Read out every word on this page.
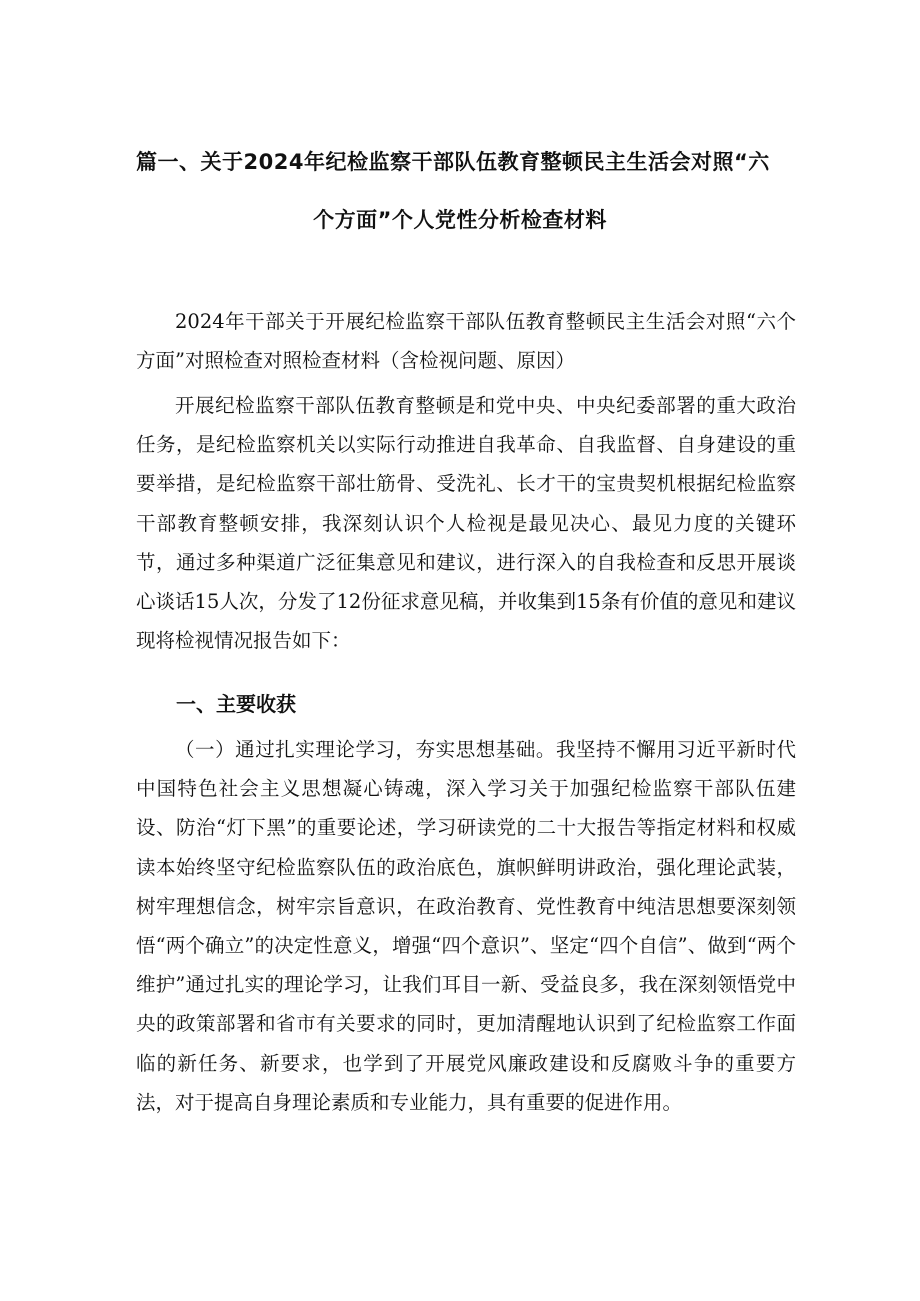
篇一、关于2024年纪检监察干部队伍教育整顿民主生活会对照“六
个方面”个人党性分析检查材料

2024年干部关于开展纪检监察干部队伍教育整顿民主生活会对照“六个方面”对照检查对照检查材料（含检视问题、原因）

开展纪检监察干部队伍教育整顿是和党中央、中央纪委部署的重大政治任务，是纪检监察机关以实际行动推进自我革命、自我监督、自身建设的重要举措，是纪检监察干部壮筋骨、受洗礼、长才干的宝贵契机根据纪检监察干部教育整顿安排，我深刻认识个人检视是最见决心、最见力度的关键环节，通过多种渠道广泛征集意见和建议，进行深入的自我检查和反思开展谈心谈话15人次，分发了12份征求意见稿，并收集到15条有价值的意见和建议现将检视情况报告如下：

一、主要收获

（一）通过扎实理论学习，夯实思想基础。我坚持不懈用习近平新时代中国特色社会主义思想凝心铸魂，深入学习关于加强纪检监察干部队伍建设、防治“灯下黑”的重要论述，学习研读党的二十大报告等指定材料和权威读本始终坚守纪检监察队伍的政治底色，旗帜鲜明讲政治，强化理论武装，树牢理想信念，树牢宗旨意识，在政治教育、党性教育中纯洁思想要深刻领悟“两个确立”的决定性意义，增强“四个意识”、坚定“四个自信”、做到“两个维护”通过扎实的理论学习，让我们耳目一新、受益良多，我在深刻领悟党中央的政策部署和省市有关要求的同时，更加清醒地认识到了纪检监察工作面临的新任务、新要求，也学到了开展党风廉政建设和反腐败斗争的重要方法，对于提高自身理论素质和专业能力，具有重要的促进作用。
